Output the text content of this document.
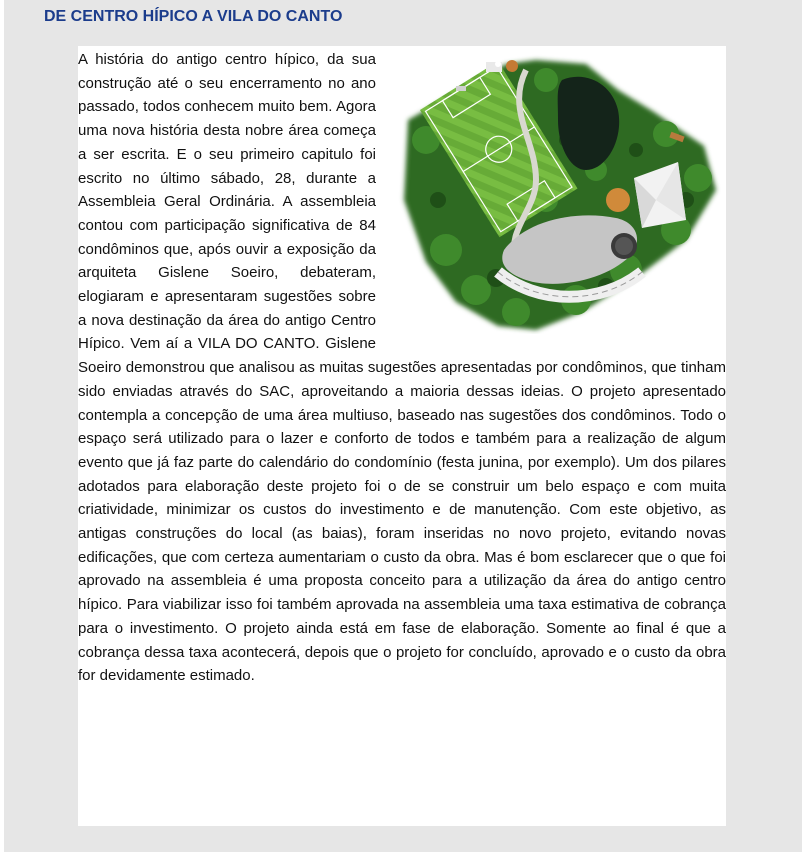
DE CENTRO HÍPICO A VILA DO CANTO

A história do antigo centro hípico, da sua construção até o seu encerramento no ano passado, todos conhecem muito bem. Agora uma nova história desta nobre área começa a ser escrita. E o seu primeiro capitulo foi escrito no último sábado, 28, durante a Assembleia Geral Ordinária. A assembleia contou com participação significativa de 84 condôminos que, após ouvir a exposição da arquiteta Gislene Soeiro, debateram, elogiaram e apresentaram sugestões sobre a nova destinação da área do antigo Centro Hípico. Vem aí a VILA DO CANTO. Gislene Soeiro demonstrou que analisou as muitas sugestões apresentadas por condôminos, que tinham sido enviadas através do SAC, aproveitando a maioria dessas ideias. O projeto apresentado contempla a concepção de uma área multiuso, baseado nas sugestões dos condôminos. Todo o espaço será utilizado para o lazer e conforto de todos e também para a realização de algum evento que já faz parte do calendário do condomínio (festa junina, por exemplo). Um dos pilares adotados para elaboração deste projeto foi o de se construir um belo espaço e com muita criatividade, minimizar os custos do investimento e de manutenção. Com este objetivo, as antigas construções do local (as baias), foram inseridas no novo projeto, evitando novas edificações, que com certeza aumentariam o custo da obra. Mas é bom esclarecer que o que foi aprovado na assembleia é uma proposta conceito para a utilização da área do antigo centro hípico. Para viabilizar isso foi também aprovada na assembleia uma taxa estimativa de cobrança para o investimento. O projeto ainda está em fase de elaboração. Somente ao final é que a cobrança dessa taxa acontecerá, depois que o projeto for concluído, aprovado e o custo da obra for devidamente estimado.
